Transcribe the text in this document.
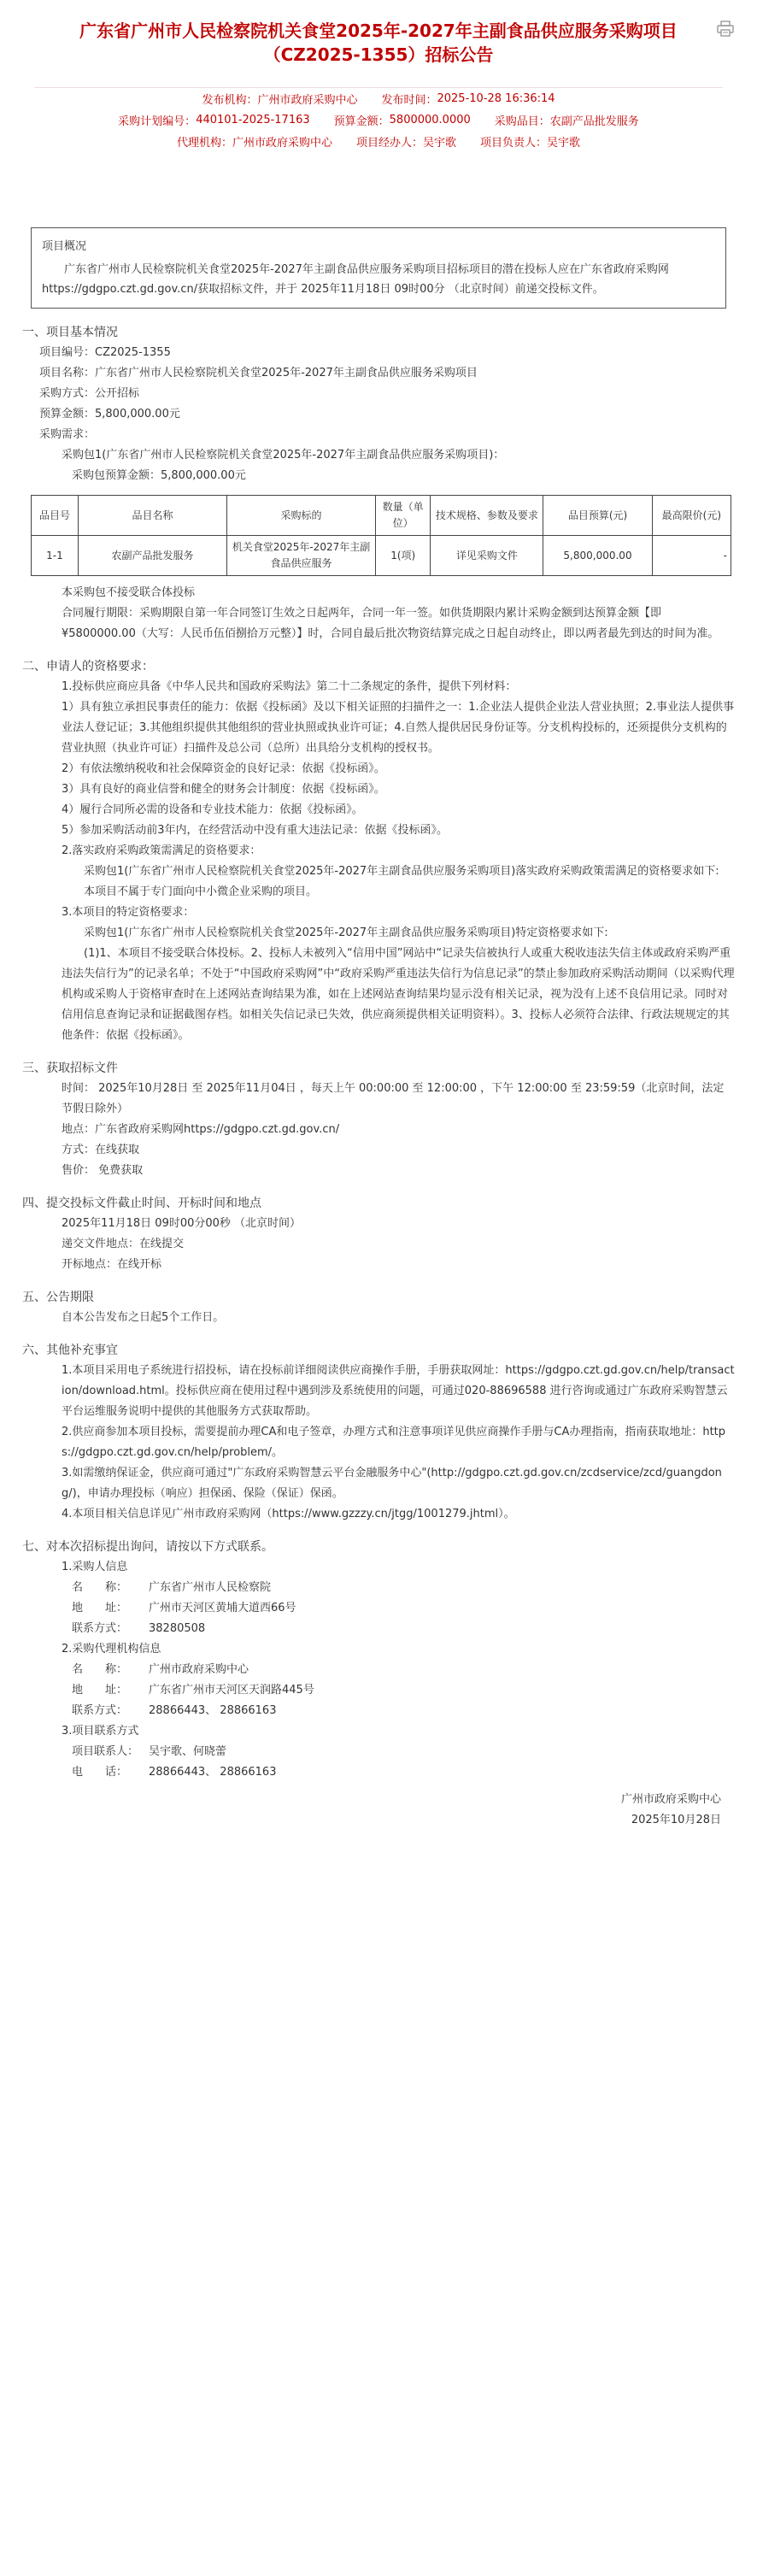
广东省广州市人民检察院机关食堂2025年-2027年主副食品供应服务采购项目
（CZ2025-1355）招标公告
发布机构： 广州市政府采购中心 发布时间： 2025-10-28 16:36:14
采购计划编号： 440101-2025-17163 预算金额： 5800000.0000 采购品目： 农副产品批发服务
代理机构： 广州市政府采购中心 项目经办人： 吴宇歌 项目负责人： 吴宇歌
项目概况

广东省广州市人民检察院机关食堂2025年-2027年主副食品供应服务采购项目招标项目的潜在投标人应在广东省政府采购网https://gdgpo.czt.gd.gov.cn/获取招标文件，并于 2025年11月18日 09时00分 （北京时间）前递交投标文件。

一、项目基本情况

项目编号：CZ2025-1355

项目名称：广东省广州市人民检察院机关食堂2025年-2027年主副食品供应服务采购项目

采购方式：公开招标

预算金额：5,800,000.00元

采购需求：

采购包1(广东省广州市人民检察院机关食堂2025年-2027年主副食品供应服务采购项目)：

采购包预算金额：5,800,000.00元

品目号	品目名称	采购标的	数量（单位）	技术规格、参数及要求	品目预算(元)	最高限价(元)
1-1	农副产品批发服务	机关食堂2025年-2027年主副食品供应服务	1(项)	详见采购文件	5,800,000.00	-

本采购包不接受联合体投标

合同履行期限：采购期限自第一年合同签订生效之日起两年，合同一年一签。如供货期限内累计采购金额到达预算金额【即¥5800000.00（大写：人民币伍佰捌拾万元整）】时，合同自最后批次物资结算完成之日起自动终止，即以两者最先到达的时间为准。

二、申请人的资格要求：

1.投标供应商应具备《中华人民共和国政府采购法》第二十二条规定的条件，提供下列材料：

1）具有独立承担民事责任的能力：依据《投标函》及以下相关证照的扫描件之一：1.企业法人提供企业法人营业执照；2.事业法人提供事业法人登记证；3.其他组织提供其他组织的营业执照或执业许可证；4.自然人提供居民身份证等。分支机构投标的，还须提供分支机构的营业执照（执业许可证）扫描件及总公司（总所）出具给分支机构的授权书。

2）有依法缴纳税收和社会保障资金的良好记录：依据《投标函》。

3）具有良好的商业信誉和健全的财务会计制度：依据《投标函》。

4）履行合同所必需的设备和专业技术能力：依据《投标函》。

5）参加采购活动前3年内，在经营活动中没有重大违法记录：依据《投标函》。

2.落实政府采购政策需满足的资格要求：

采购包1(广东省广州市人民检察院机关食堂2025年-2027年主副食品供应服务采购项目)落实政府采购政策需满足的资格要求如下:

本项目不属于专门面向中小微企业采购的项目。

3.本项目的特定资格要求：

采购包1(广东省广州市人民检察院机关食堂2025年-2027年主副食品供应服务采购项目)特定资格要求如下:

(1)1、本项目不接受联合体投标。2、投标人未被列入“信用中国”网站中“记录失信被执行人或重大税收违法失信主体或政府采购严重违法失信行为”的记录名单；不处于“中国政府采购网”中“政府采购严重违法失信行为信息记录”的禁止参加政府采购活动期间（以采购代理机构或采购人于资格审查时在上述网站查询结果为准，如在上述网站查询结果均显示没有相关记录，视为没有上述不良信用记录。同时对信用信息查询记录和证据截图存档。如相关失信记录已失效，供应商须提供相关证明资料）。3、投标人必须符合法律、行政法规规定的其他条件：依据《投标函》。

三、获取招标文件

时间： 2025年10月28日 至 2025年11月04日 ，每天上午 00:00:00 至 12:00:00 ，下午 12:00:00 至 23:59:59（北京时间，法定节假日除外）

地点：广东省政府采购网https://gdgpo.czt.gd.gov.cn/

方式：在线获取

售价： 免费获取

四、提交投标文件截止时间、开标时间和地点

2025年11月18日 09时00分00秒 （北京时间）

递交文件地点：在线提交

开标地点：在线开标

五、公告期限

自本公告发布之日起5个工作日。

六、其他补充事宜

1.本项目采用电子系统进行招投标，请在投标前详细阅读供应商操作手册，手册获取网址：https://gdgpo.czt.gd.gov.cn/help/transaction/download.html。投标供应商在使用过程中遇到涉及系统使用的问题，可通过020-88696588 进行咨询或通过广东政府采购智慧云平台运维服务说明中提供的其他服务方式获取帮助。

2.供应商参加本项目投标，需要提前办理CA和电子签章，办理方式和注意事项详见供应商操作手册与CA办理指南，指南获取地址：https://gdgpo.czt.gd.gov.cn/help/problem/。

3.如需缴纳保证金，供应商可通过"广东政府采购智慧云平台金融服务中心"(http://gdgpo.czt.gd.gov.cn/zcdservice/zcd/guangdong/)，申请办理投标（响应）担保函、保险（保证）保函。

4.本项目相关信息详见广州市政府采购网（https://www.gzzzy.cn/jtgg/1001279.jhtml）。

七、对本次招标提出询问，请按以下方式联系。

1.采购人信息

名　　称： 广东省广州市人民检察院

地　　址： 广州市天河区黄埔大道西66号

联系方式： 38280508

2.采购代理机构信息

名　　称： 广州市政府采购中心

地　　址： 广东省广州市天河区天润路445号

联系方式： 28866443、 28866163

3.项目联系方式

项目联系人： 吴宇歌、何晓蕾

电　　话： 28866443、 28866163

广州市政府采购中心
2025年10月28日
